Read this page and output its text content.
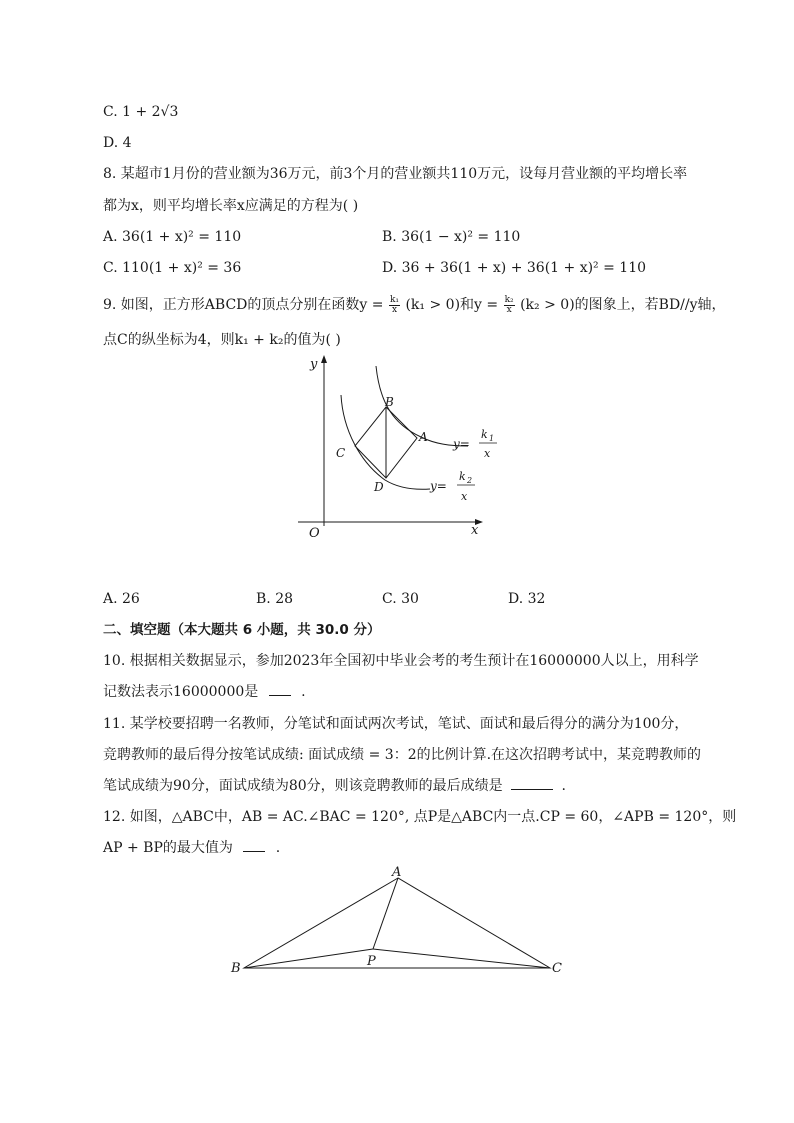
C. 1 + 2√3
D. 4
8. 某超市1月份的营业额为36万元，前3个月的营业额共110万元，设每月营业额的平均增长率
都为x，则平均增长率x应满足的方程为( )
A. 36(1 + x)² = 110	B. 36(1 − x)² = 110
C. 110(1 + x)² = 36	D. 36 + 36(1 + x) + 36(1 + x)² = 110
9. 如图，正方形ABCD的顶点分别在函数$y = \frac{\text{k₁}}{x} (k_1 > 0)$和$y = \frac{\text{k₂}}{x} (k_2 > 0)$的图象上，若BD//y轴，
点C的纵坐标为4，则k₁ + k₂的值为( )
y
x
O
B
A
C
D
y=
k 1
x
y=
k 2
x
A. 26	B. 28	C. 30	D. 32
二、填空题（本大题共 6 小题，共 30.0 分）
10. 根据相关数据显示，参加2023年全国初中毕业会考的考生预计在16000000人以上，用科学
记数法表示16000000是	.
11. 某学校要招聘一名教师，分笔试和面试两次考试，笔试、面试和最后得分的满分为100分，
竞聘教师的最后得分按笔试成绩: 面试成绩 = 3：2的比例计算.在这次招聘考试中，某竞聘教师的
笔试成绩为90分，面试成绩为80分，则该竞聘教师的最后成绩是	.
12. 如图，△ABC中，AB = AC.∠BAC = 120°, 点P是△ABC内一点.CP = 60，∠APB = 120°，则
AP + BP的最大值为	.
A
B	C
P
